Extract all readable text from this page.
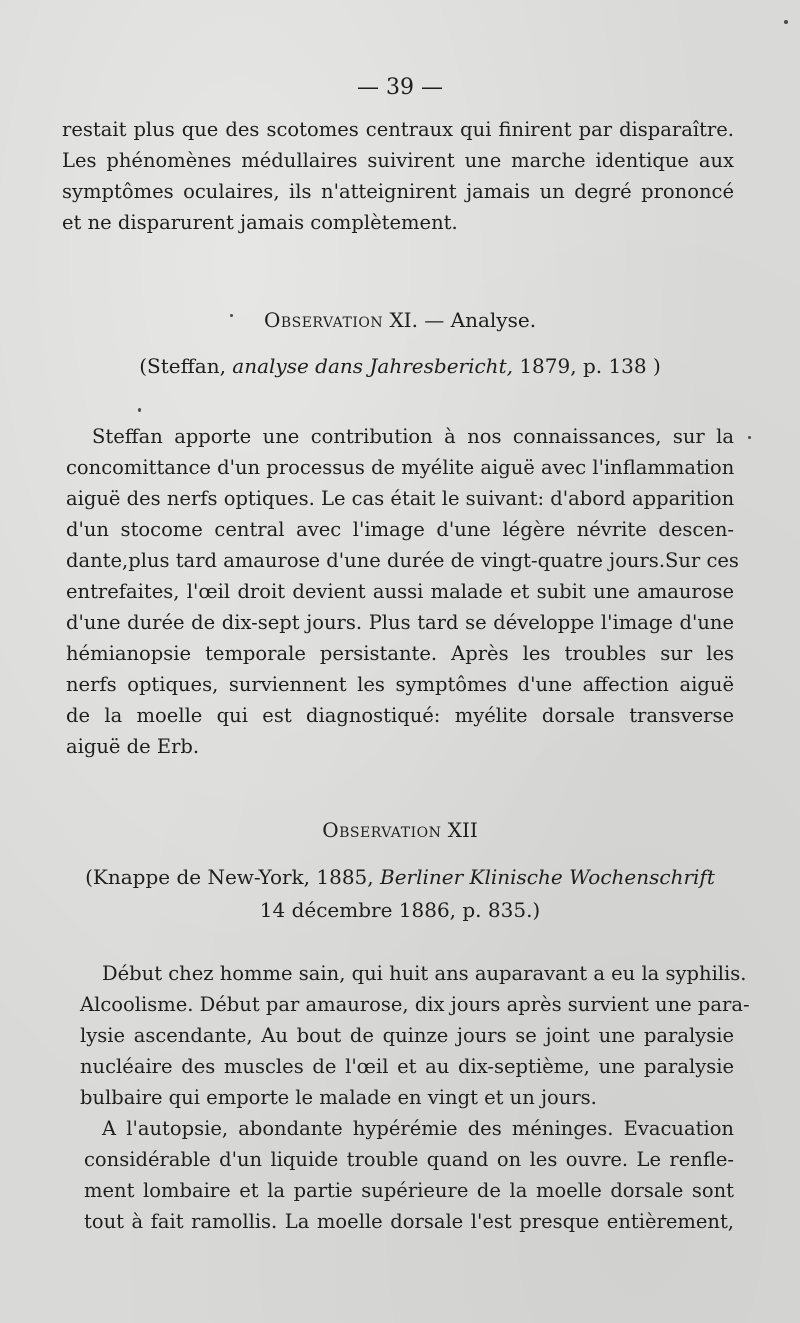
— 39 —
restait plus que des scotomes centraux qui finirent par disparaître.
Les phénomènes médullaires suivirent une marche identique aux
symptômes oculaires, ils n'atteignirent jamais un degré prononcé
et ne disparurent jamais complètement.
Observation XI. — Analyse.
(Steffan, analyse dans Jahresbericht, 1879, p. 138 )
Steffan apporte une contribution à nos connaissances, sur la
concomittance d'un processus de myélite aiguë avec l'inflammation
aiguë des nerfs optiques. Le cas était le suivant: d'abord apparition
d'un stocome central avec l'image d'une légère névrite descen-
dante,plus tard amaurose d'une durée de vingt-quatre jours.Sur ces
entrefaites, l'œil droit devient aussi malade et subit une amaurose
d'une durée de dix-sept jours. Plus tard se développe l'image d'une
hémianopsie temporale persistante. Après les troubles sur les
nerfs optiques, surviennent les symptômes d'une affection aiguë
de la moelle qui est diagnostiqué: myélite dorsale transverse
aiguë de Erb.
Observation XII
(Knappe de New-York, 1885, Berliner Klinische Wochenschrift
14 décembre 1886, p. 835.)
Début chez homme sain, qui huit ans auparavant a eu la syphilis.
Alcoolisme. Début par amaurose, dix jours après survient une para-
lysie ascendante, Au bout de quinze jours se joint une paralysie
nucléaire des muscles de l'œil et au dix-septième, une paralysie
bulbaire qui emporte le malade en vingt et un jours.
A l'autopsie, abondante hypérémie des méninges. Evacuation
considérable d'un liquide trouble quand on les ouvre. Le renfle-
ment lombaire et la partie supérieure de la moelle dorsale sont
tout à fait ramollis. La moelle dorsale l'est presque entièrement,
